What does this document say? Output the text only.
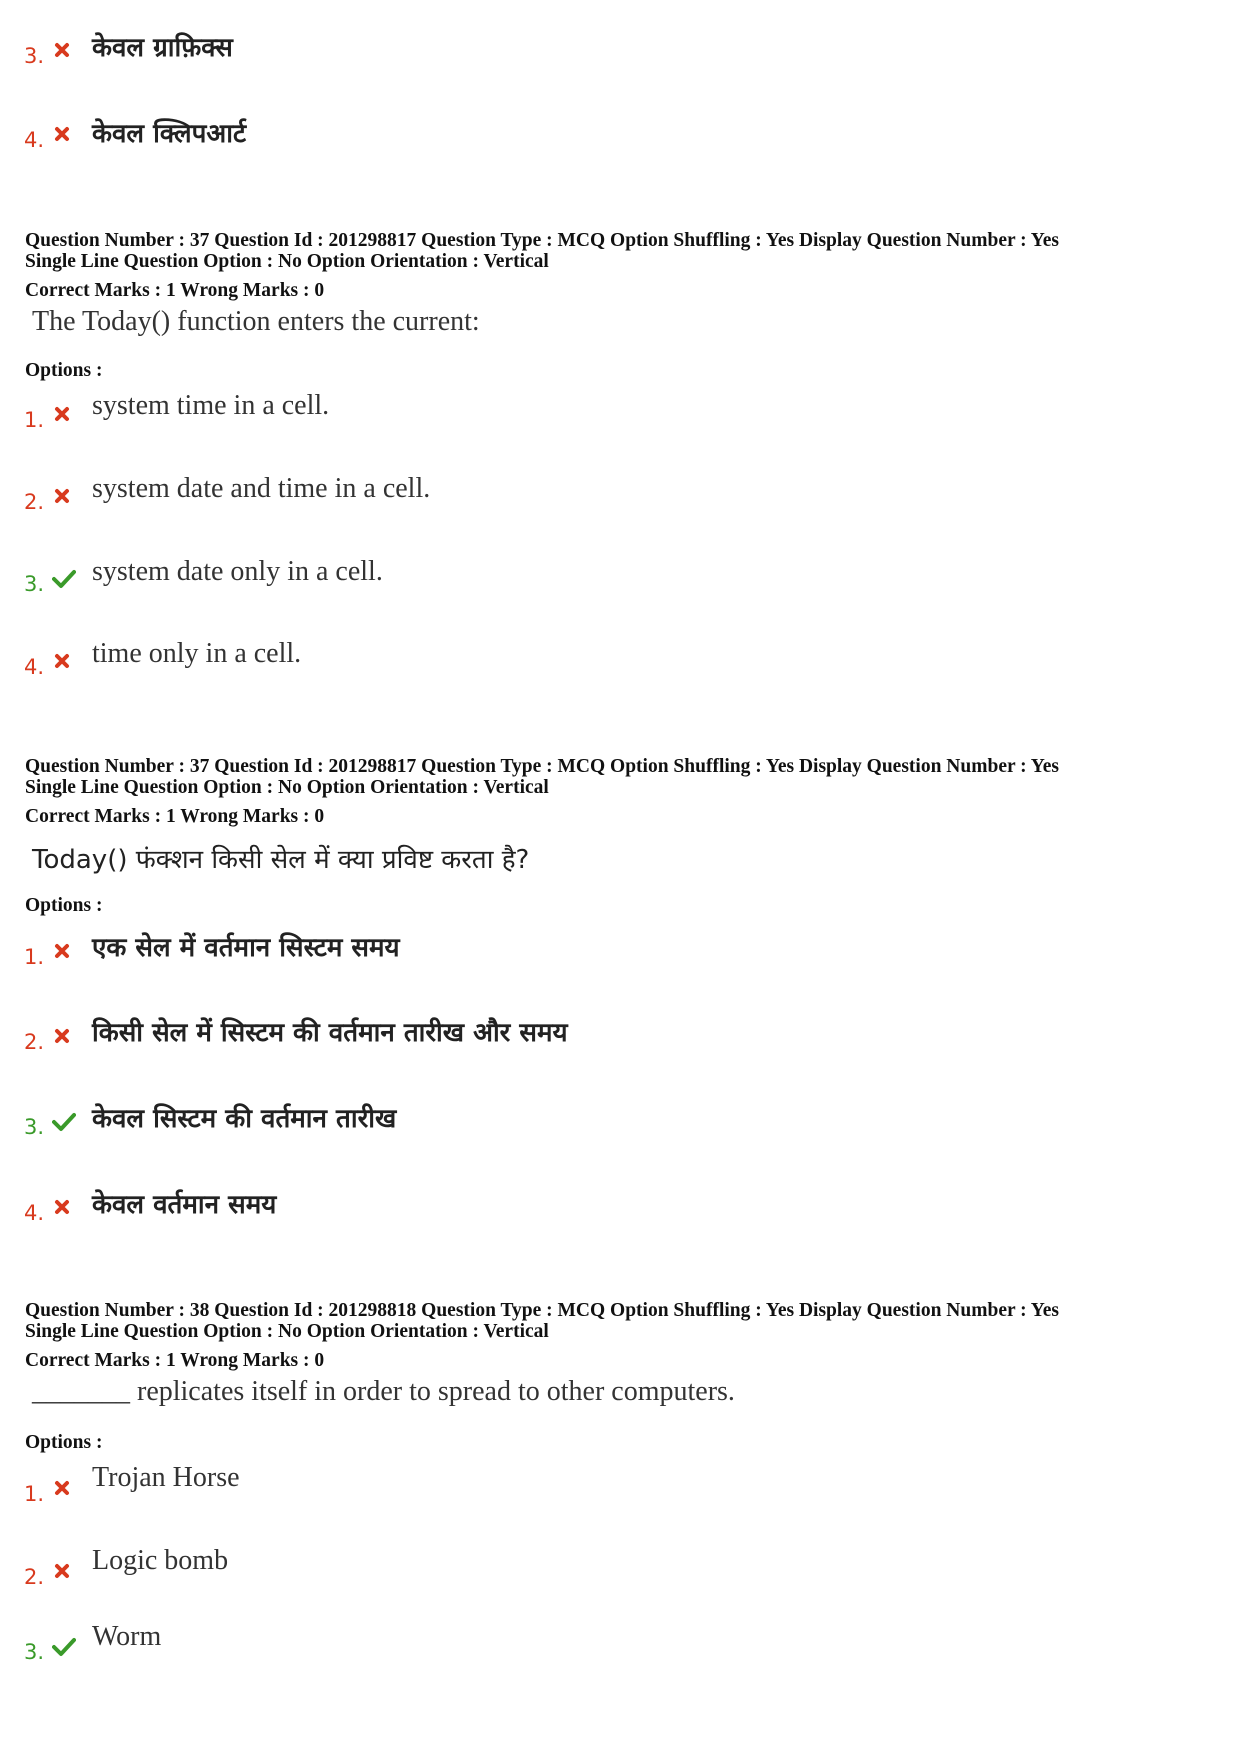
3. केवल ग्राफ़िक्स
4. केवल क्लिपआर्ट
Question Number : 37 Question Id : 201298817 Question Type : MCQ Option Shuffling : Yes Display Question Number : Yes
Single Line Question Option : No Option Orientation : Vertical
Correct Marks : 1 Wrong Marks : 0
The Today() function enters the current:
Options :
1. system time in a cell.
2. system date and time in a cell.
3. system date only in a cell.
4. time only in a cell.
Question Number : 37 Question Id : 201298817 Question Type : MCQ Option Shuffling : Yes Display Question Number : Yes
Single Line Question Option : No Option Orientation : Vertical
Correct Marks : 1 Wrong Marks : 0
Today() फंक्शन किसी सेल में क्या प्रविष्ट करता है?
Options :
1. एक सेल में वर्तमान सिस्टम समय
2. किसी सेल में सिस्टम की वर्तमान तारीख और समय
3. केवल सिस्टम की वर्तमान तारीख
4. केवल वर्तमान समय
Question Number : 38 Question Id : 201298818 Question Type : MCQ Option Shuffling : Yes Display Question Number : Yes
Single Line Question Option : No Option Orientation : Vertical
Correct Marks : 1 Wrong Marks : 0
_______ replicates itself in order to spread to other computers.
Options :
1.
Trojan Horse
2.
Logic bomb
3. Worm
